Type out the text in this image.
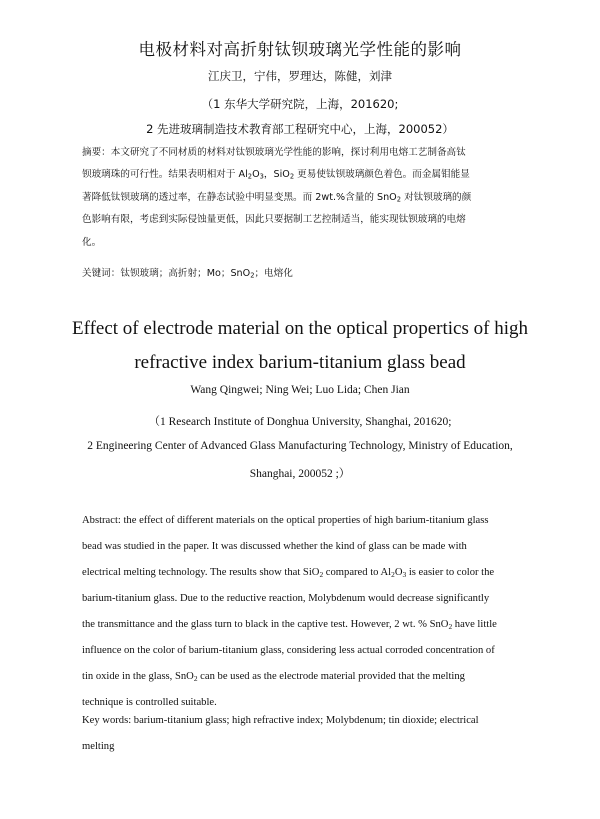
电极材料对高折射钛钡玻璃光学性能的影响
江庆卫，宁伟，罗理达，陈健，刘津
（1 东华大学研究院，上海，201620;
2 先进玻璃制造技术教育部工程研究中心，上海，200052）
摘要：本文研究了不同材质的材料对钛钡玻璃光学性能的影响，探讨利用电熔工艺制备高钛
钡玻璃珠的可行性。结果表明相对于 $Al_2O_3$，SiO$_2$ 更易使钛钡玻璃颜色着色。而金属钼能显
著降低钛钡玻璃的透过率，在静态试验中明显变黑。而 2wt.%含量的 SnO$_2$ 对钛钡玻璃的颜
色影响有限，考虑到实际侵蚀量更低，因此只要据制工艺控制适当，能实现钛钡玻璃的电熔
化。
关键词：钛钡玻璃；高折射；Mo；SnO$_2$；电熔化
Effect of electrode material on the optical propertics of high
refractive index barium-titanium glass bead
Wang Qingwei; Ning Wei; Luo Lida; Chen Jian
（1 Research Institute of Donghua University, Shanghai, 201620;
2 Engineering Center of Advanced Glass Manufacturing Technology, Ministry of Education,
Shanghai, 200052 ;）
Abstract: the effect of different materials on the optical properties of high barium-titanium glass
bead was studied in the paper. It was discussed whether the kind of glass can be made with
electrical melting technology. The results show that SiO$_2$ compared to $Al_2O_3$ is easier to color the
barium-titanium glass. Due to the reductive reaction, Molybdenum would decrease significantly
the transmittance and the glass turn to black in the captive test. However, 2 wt. % SnO$_2$ have little
influence on the color of barium-titanium glass, considering less actual corroded concentration of
tin oxide in the glass, SnO$_2$ can be used as the electrode material provided that the melting
technique is controlled suitable.
Key words: barium-titanium glass; high refractive index; Molybdenum; tin dioxide; electrical
melting
